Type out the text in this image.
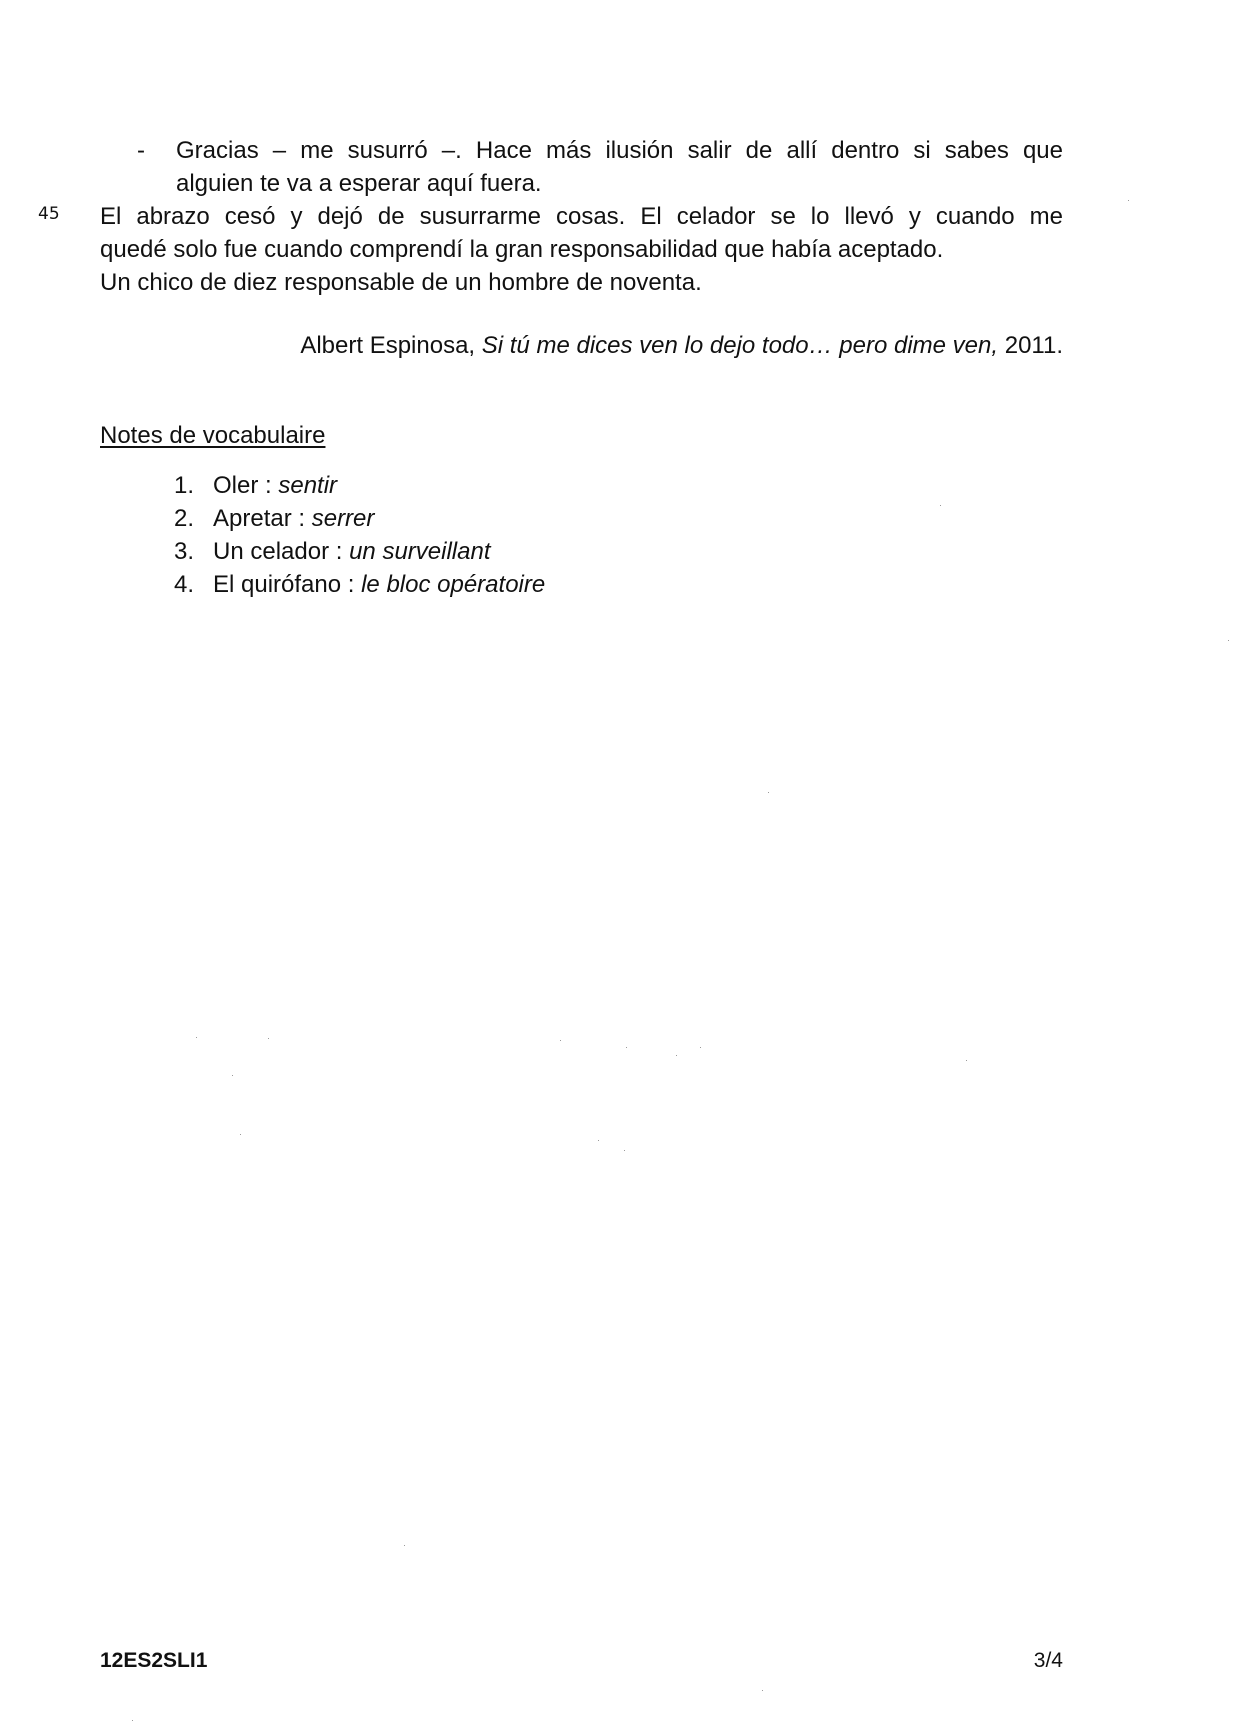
- Gracias – me susurró –. Hace más ilusión salir de allí dentro si sabes que
alguien te va a esperar aquí fuera.
45 El abrazo cesó y dejó de susurrarme cosas. El celador se lo llevó y cuando me
quedé solo fue cuando comprendí la gran responsabilidad que había aceptado.
Un chico de diez responsable de un hombre de noventa.
Albert Espinosa, Si tú me dices ven lo dejo todo… pero dime ven, 2011.
Notes de vocabulaire
1. Oler : sentir
2. Apretar : serrer
3. Un celador : un surveillant
4. El quirófano : le bloc opératoire
12ES2SLI1	3/4
